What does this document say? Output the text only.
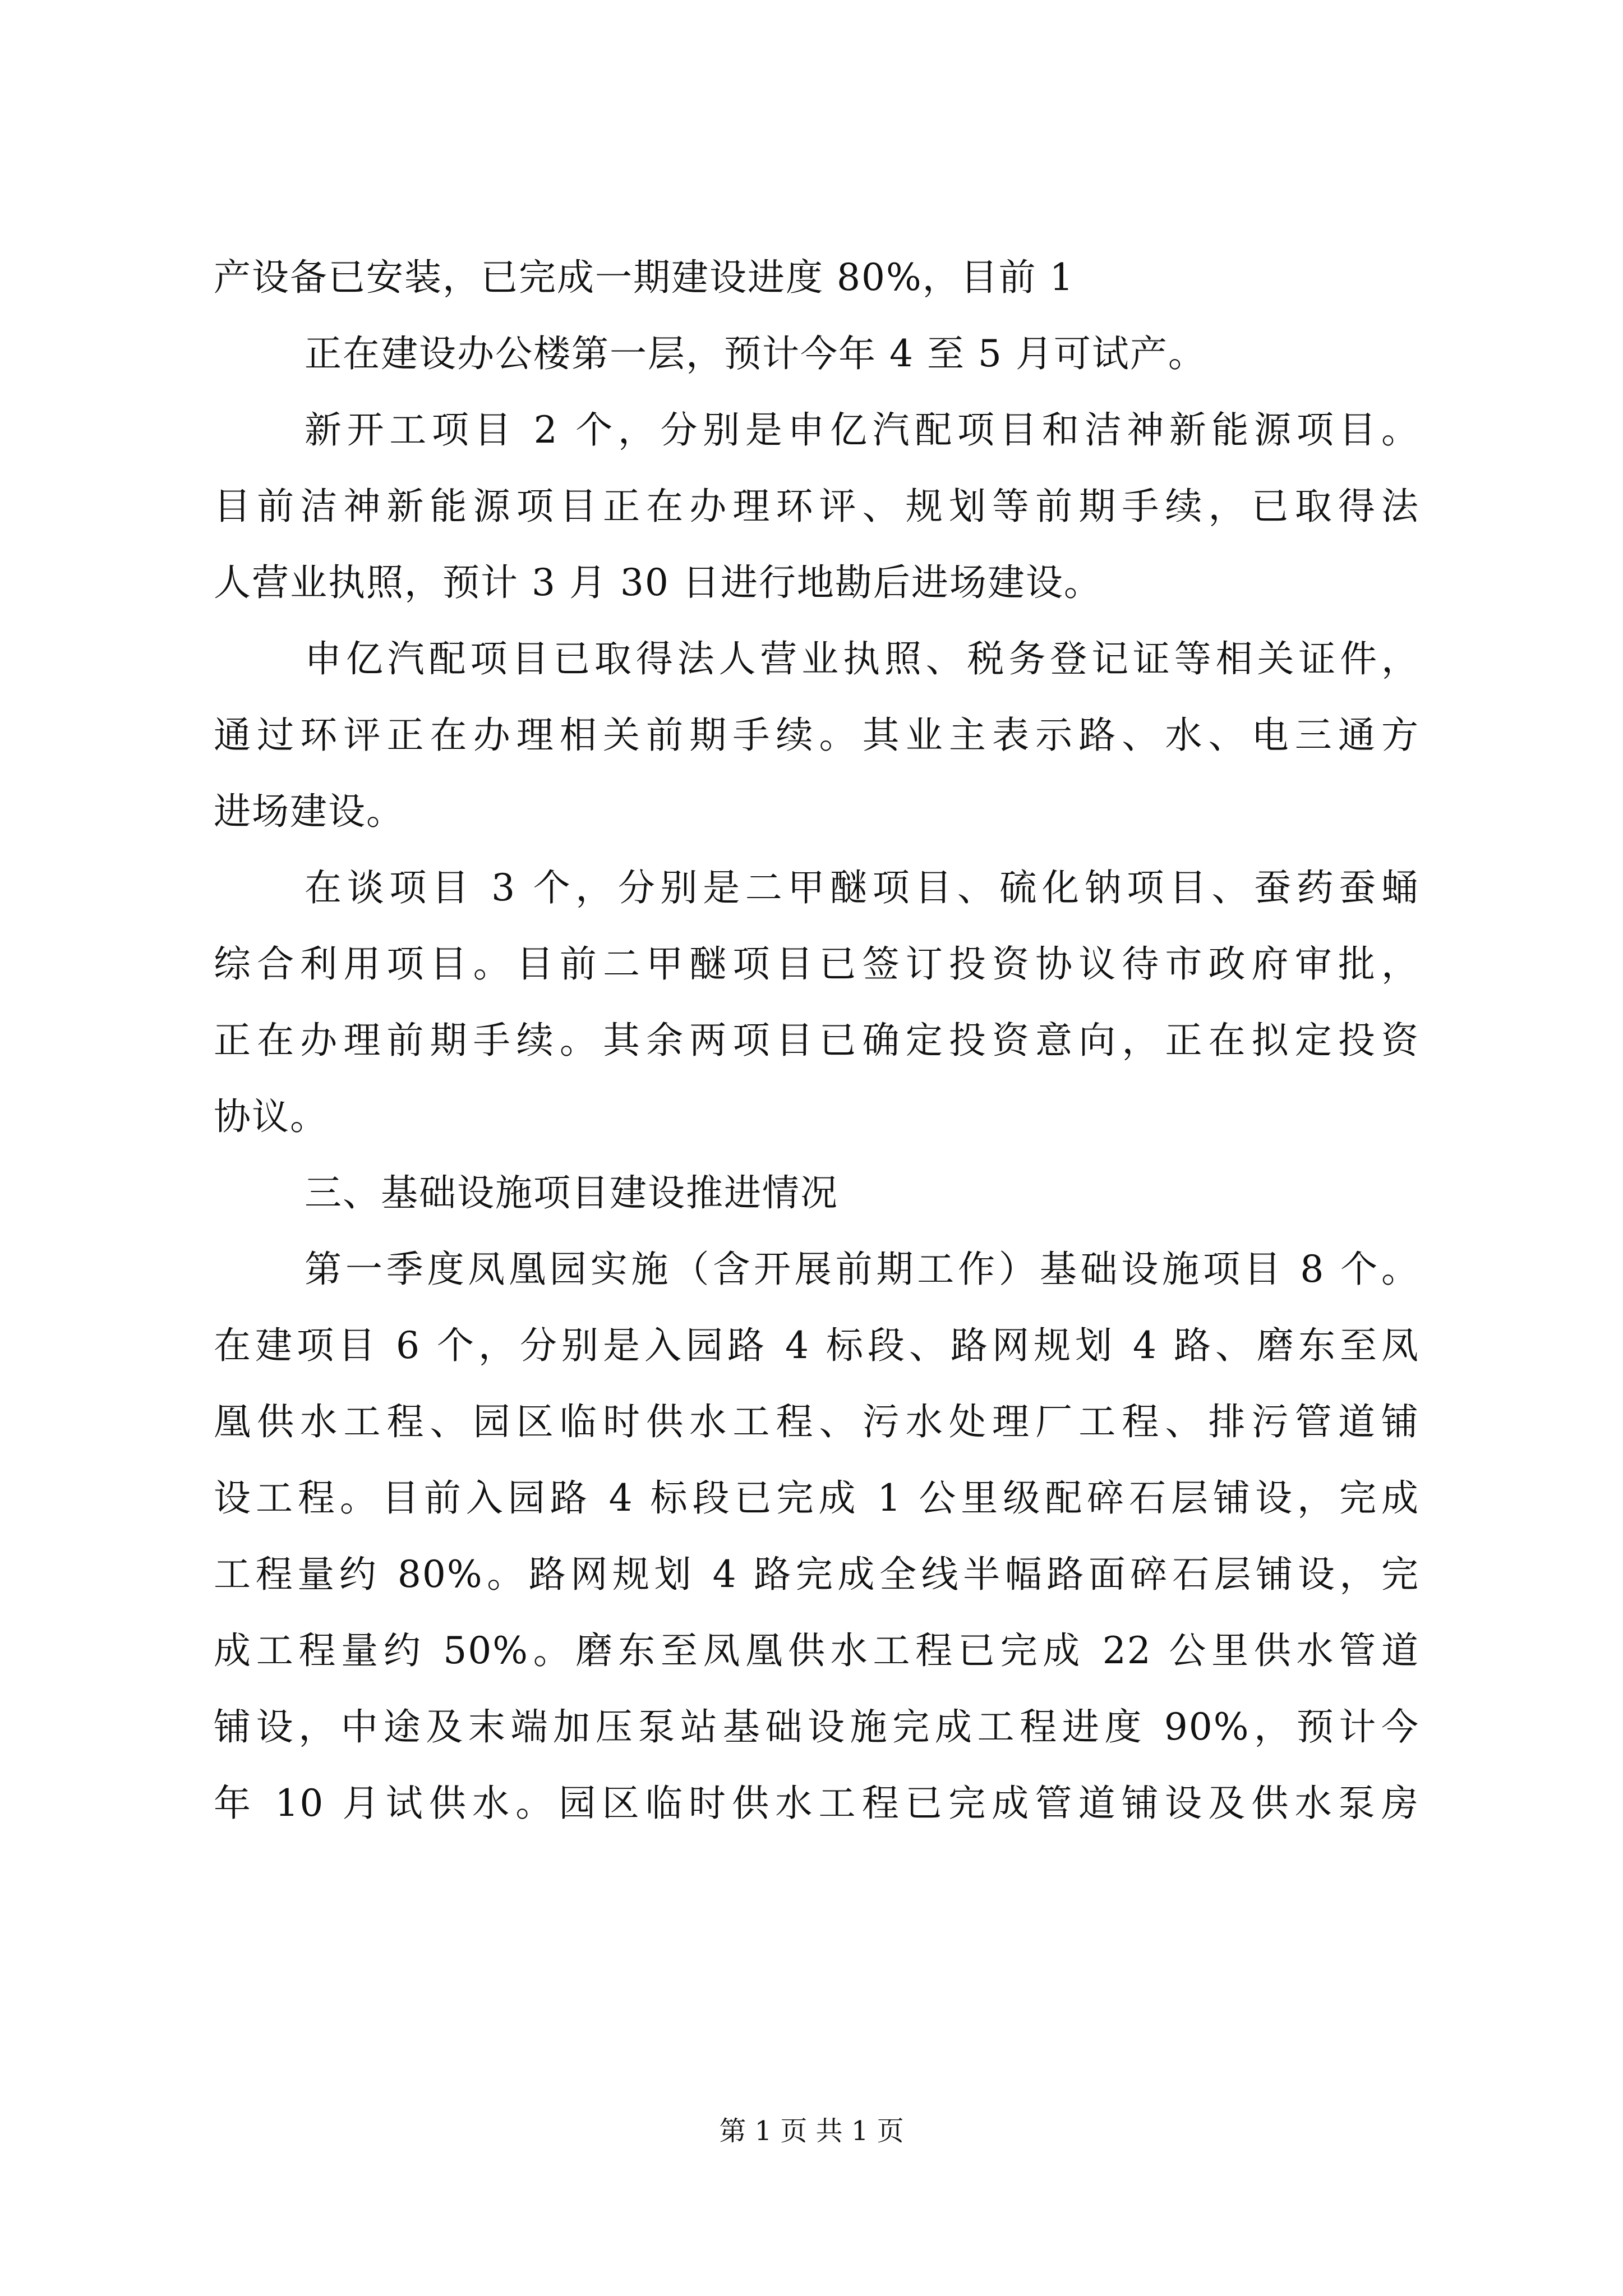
产设备已安装，已完成一期建设进度 80%，目前 1
正在建设办公楼第一层，预计今年 4 至 5 月可试产。
新开工项目 2 个，分别是申亿汽配项目和洁神新能源项目。
目前洁神新能源项目正在办理环评、规划等前期手续，已取得法
人营业执照，预计 3 月 30 日进行地勘后进场建设。
申亿汽配项目已取得法人营业执照、税务登记证等相关证件，
通过环评正在办理相关前期手续。其业主表示路、水、电三通方
进场建设。
在谈项目 3 个，分别是二甲醚项目、硫化钠项目、蚕药蚕蛹
综合利用项目。目前二甲醚项目已签订投资协议待市政府审批，
正在办理前期手续。其余两项目已确定投资意向，正在拟定投资
协议。
三、基础设施项目建设推进情况
第一季度凤凰园实施（含开展前期工作）基础设施项目 8 个。
在建项目 6 个，分别是入园路 4 标段、路网规划 4 路、磨东至凤
凰供水工程、园区临时供水工程、污水处理厂工程、排污管道铺
设工程。目前入园路 4 标段已完成 1 公里级配碎石层铺设，完成
工程量约 80%。路网规划 4 路完成全线半幅路面碎石层铺设，完
成工程量约 50%。磨东至凤凰供水工程已完成 22 公里供水管道
铺设，中途及末端加压泵站基础设施完成工程进度 90%，预计今
年 10 月试供水。园区临时供水工程已完成管道铺设及供水泵房
第 1 页 共 1 页
